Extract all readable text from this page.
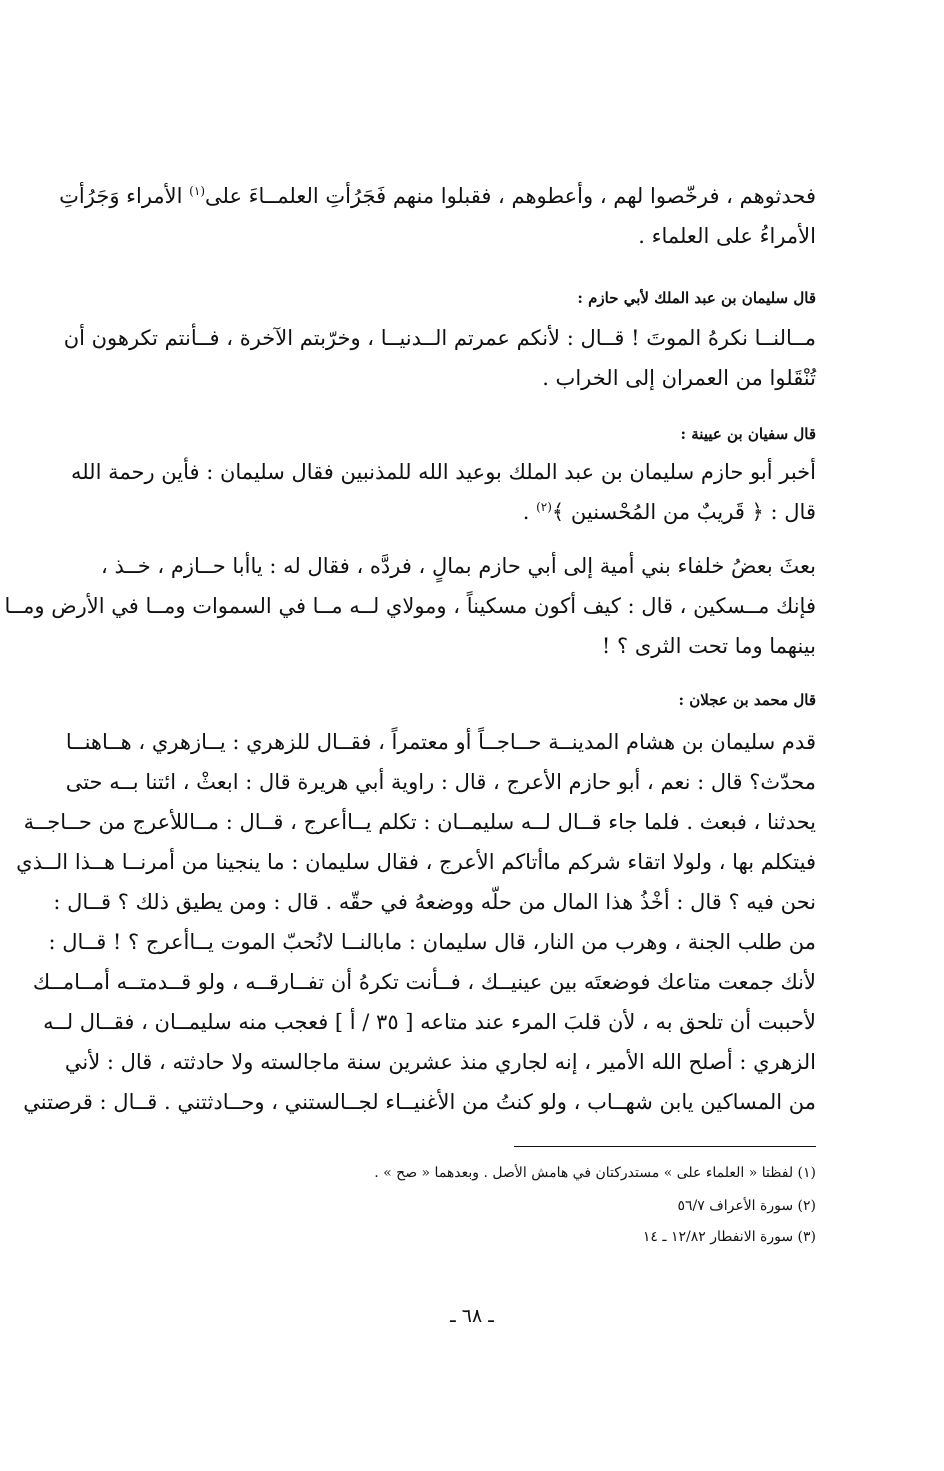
فحدثوهم ، فرخّصوا لهم ، وأعطوهم ، فقبلوا منهم فَجَرُأتِ العلمــاءَ على$^{(١)}$ الأمراء وَجَرُأتِ
الأمراءُ على العلماء .
قال سليمان بن عبد الملك لأبي حازم :
مــالنــا نكرهُ الموتَ ! قــال : لأنكم عمرتم الــدنيــا ، وخرّبتم الآخرة ، فــأنتم تكرهون أن
تُنْقَلوا من العمران إلى الخراب .
قال سفيان بن عيينة :
أخبر أبو حازم سليمان بن عبد الملك بوعيد الله للمذنبين فقال سليمان : فأين رحمة الله
قال : ﴿ قَريبٌ من المُحْسنين ﴾$^{(٢)}$ .
بعثَ بعضُ خلفاء بني أمية إلى أبي حازم بمالٍ ، فردَّه ، فقال له : ياأبا حــازم ، خــذ ،
فإنك مــسكين ، قال : كيف أكون مسكيناً ، ومولاي لــه مــا في السموات ومــا في الأرض ومــا
بينهما وما تحت الثرى ؟ !
قال محمد بن عجلان :
قدم سليمان بن هشام المدينــة حــاجــاً أو معتمراً ، فقــال للزهري : يــازهري ، هــاهنــا
محدّث؟ قال : نعم ، أبو حازم الأعرج ، قال : راوية أبي هريرة قال : ابعثْ ، ائتنا بــه حتى
يحدثنا ، فبعث . فلما جاء قــال لــه سليمــان : تكلم يــاأعرج ، قــال : مــاللأعرج من حــاجــة
فيتكلم بها ، ولولا اتقاء شركم ماأتاكم الأعرج ، فقال سليمان : ما ينجينا من أمرنــا هــذا الــذي
نحن فيه ؟ قال : أخْذُ هذا المال من حلّه ووضعهُ في حقّه . قال : ومن يطيق ذلك ؟ قــال :
من طلب الجنة ، وهرب من النار، قال سليمان : مابالنــا لانُحبّ الموت يــاأعرج ؟ ! قــال :
لأنك جمعت متاعك فوضعتَه بين عينيــك ، فــأنت تكرهُ أن تفــارقــه ، ولو قــدمتــه أمــامــك
لأحببت أن تلحق به ، لأن قلبَ المرء عند متاعه [ ٣٥ / أ ] فعجب منه سليمــان ، فقــال لــه
الزهري : أصلح الله الأمير ، إنه لجاري منذ عشرين سنة ماجالسته ولا حادثته ، قال : لأني
من المساكين يابن شهــاب ، ولو كنتُ من الأغنيــاء لجــالستني ، وحــادثتني . قــال : قرصتني
(١) لفظتا « العلماء على » مستدركتان في هامش الأصل . وبعدهما « صح » .
(٢) سورة الأعراف ٥٦/٧
(٣) سورة الانفطار ١٢/٨٢ ـ ١٤
ـ ٦٨ ـ
